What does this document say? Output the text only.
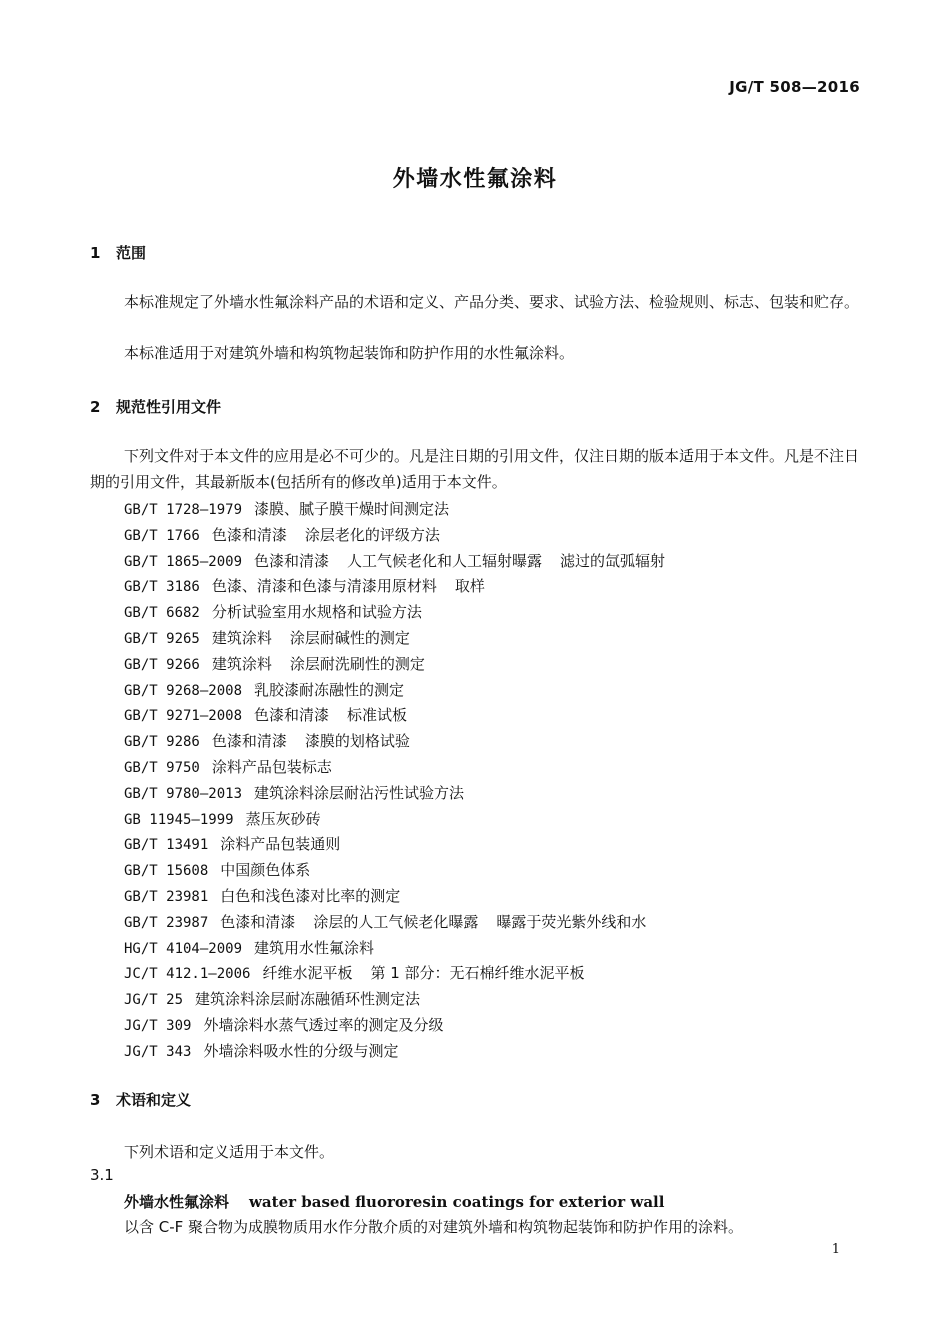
JG/T 508—2016
外墙水性氟涂料
1 范围
本标准规定了外墙水性氟涂料产品的术语和定义、产品分类、要求、试验方法、检验规则、标志、包装和贮存。
本标准适用于对建筑外墙和构筑物起装饰和防护作用的水性氟涂料。
2 规范性引用文件
下列文件对于本文件的应用是必不可少的。凡是注日期的引用文件，仅注日期的版本适用于本文件。凡是不注日期的引用文件，其最新版本(包括所有的修改单)适用于本文件。
GB/T 1728—1979 漆膜、腻子膜干燥时间测定法
GB/T 1766 色漆和清漆 涂层老化的评级方法
GB/T 1865—2009 色漆和清漆 人工气候老化和人工辐射曝露 滤过的氙弧辐射
GB/T 3186 色漆、清漆和色漆与清漆用原材料 取样
GB/T 6682 分析试验室用水规格和试验方法
GB/T 9265 建筑涂料 涂层耐碱性的测定
GB/T 9266 建筑涂料 涂层耐洗刷性的测定
GB/T 9268—2008 乳胶漆耐冻融性的测定
GB/T 9271—2008 色漆和清漆 标准试板
GB/T 9286 色漆和清漆 漆膜的划格试验
GB/T 9750 涂料产品包装标志
GB/T 9780—2013 建筑涂料涂层耐沾污性试验方法
GB 11945—1999 蒸压灰砂砖
GB/T 13491 涂料产品包装通则
GB/T 15608 中国颜色体系
GB/T 23981 白色和浅色漆对比率的测定
GB/T 23987 色漆和清漆 涂层的人工气候老化曝露 曝露于荧光紫外线和水
HG/T 4104—2009 建筑用水性氟涂料
JC/T 412.1—2006 纤维水泥平板 第 1 部分：无石棉纤维水泥平板
JG/T 25 建筑涂料涂层耐冻融循环性测定法
JG/T 309 外墙涂料水蒸气透过率的测定及分级
JG/T 343 外墙涂料吸水性的分级与测定
3 术语和定义
下列术语和定义适用于本文件。
3.1
外墙水性氟涂料 water based fluororesin coatings for exterior wall
以含 C-F 聚合物为成膜物质用水作分散介质的对建筑外墙和构筑物起装饰和防护作用的涂料。
1
